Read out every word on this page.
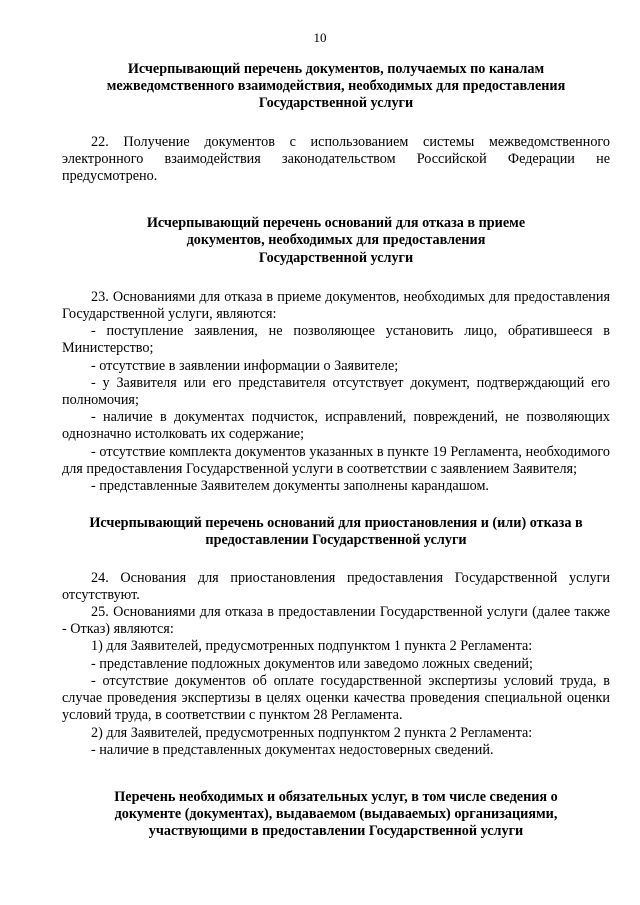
10
Исчерпывающий перечень документов, получаемых по каналам межведомственного взаимодействия, необходимых для предоставления Государственной услуги

22. Получение документов с использованием системы межведомственного электронного взаимодействия законодательством Российской Федерации не предусмотрено.

Исчерпывающий перечень оснований для отказа в приеме документов, необходимых для предоставления Государственной услуги

23. Основаниями для отказа в приеме документов, необходимых для предоставления Государственной услуги, являются:

- поступление заявления, не позволяющее установить лицо, обратившееся в Министерство;

- отсутствие в заявлении информации о Заявителе;

- у Заявителя или его представителя отсутствует документ, подтверждающий его полномочия;

- наличие в документах подчисток, исправлений, повреждений, не позволяющих однозначно истолковать их содержание;

- отсутствие комплекта документов указанных в пункте 19 Регламента, необходимого для предоставления Государственной услуги в соответствии с заявлением Заявителя;

- представленные Заявителем документы заполнены карандашом.

Исчерпывающий перечень оснований для приостановления и (или) отказа в предоставлении Государственной услуги

24. Основания для приостановления предоставления Государственной услуги отсутствуют.

25. Основаниями для отказа в предоставлении Государственной услуги (далее также - Отказ) являются:

1) для Заявителей, предусмотренных подпунктом 1 пункта 2 Регламента:

- представление подложных документов или заведомо ложных сведений;

- отсутствие документов об оплате государственной экспертизы условий труда, в случае проведения экспертизы в целях оценки качества проведения специальной оценки условий труда, в соответствии с пунктом 28 Регламента.

2) для Заявителей, предусмотренных подпунктом 2 пункта 2 Регламента:

- наличие в представленных документах недостоверных сведений.

Перечень необходимых и обязательных услуг, в том числе сведения о документе (документах), выдаваемом (выдаваемых) организациями, участвующими в предоставлении Государственной услуги
